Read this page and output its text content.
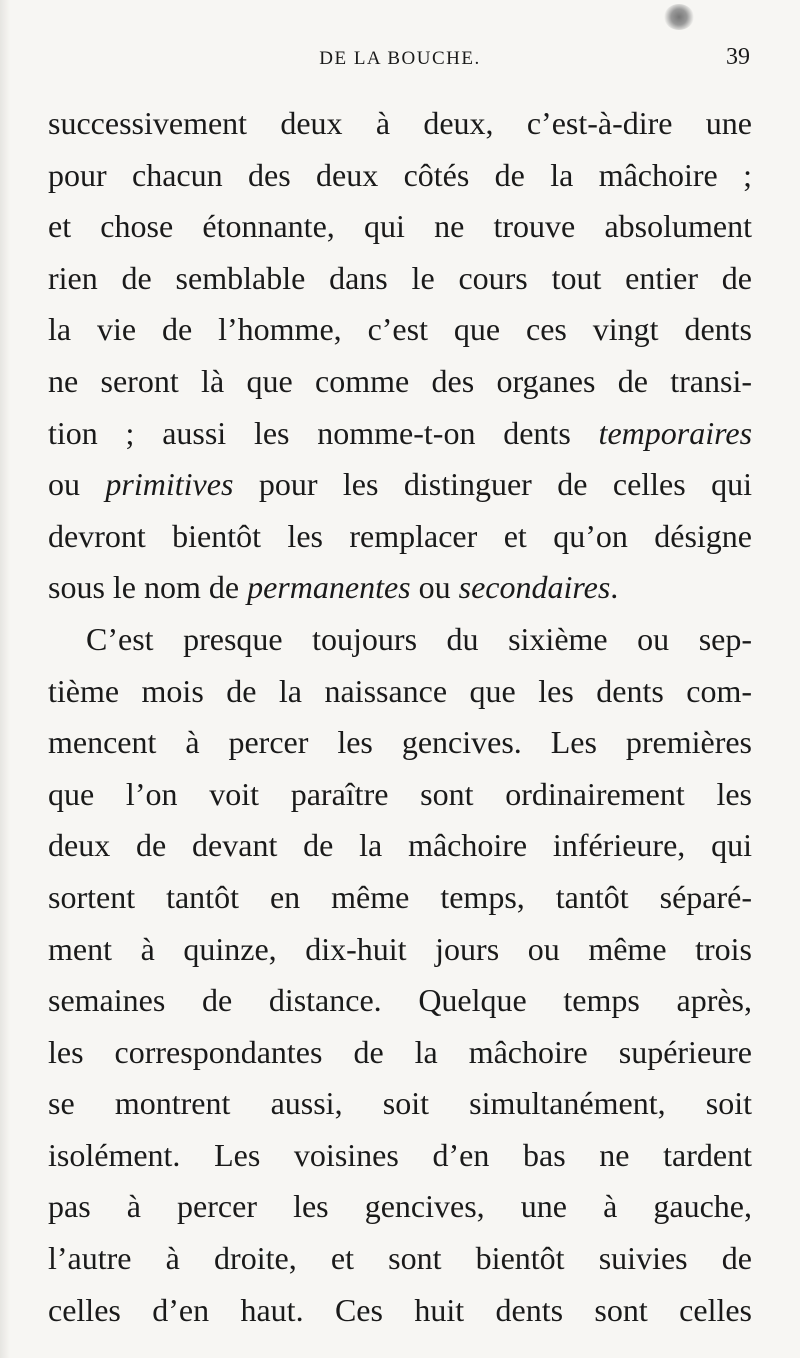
DE LA BOUCHE.	39
successivement deux à deux, c’est-à-dire une
pour chacun des deux côtés de la mâchoire ;
et chose étonnante, qui ne trouve absolument
rien de semblable dans le cours tout entier de
la vie de l’homme, c’est que ces vingt dents
ne seront là que comme des organes de transi-
tion ; aussi les nomme-t-on dents temporaires
ou primitives pour les distinguer de celles qui
devront bientôt les remplacer et qu’on désigne
sous le nom de permanentes ou secondaires.
C’est presque toujours du sixième ou sep-
tième mois de la naissance que les dents com-
mencent à percer les gencives. Les premières
que l’on voit paraître sont ordinairement les
deux de devant de la mâchoire inférieure, qui
sortent tantôt en même temps, tantôt séparé-
ment à quinze, dix-huit jours ou même trois
semaines de distance. Quelque temps après,
les correspondantes de la mâchoire supérieure
se montrent aussi, soit simultanément, soit
isolément. Les voisines d’en bas ne tardent
pas à percer les gencives, une à gauche,
l’autre à droite, et sont bientôt suivies de
celles d’en haut. Ces huit dents sont celles
